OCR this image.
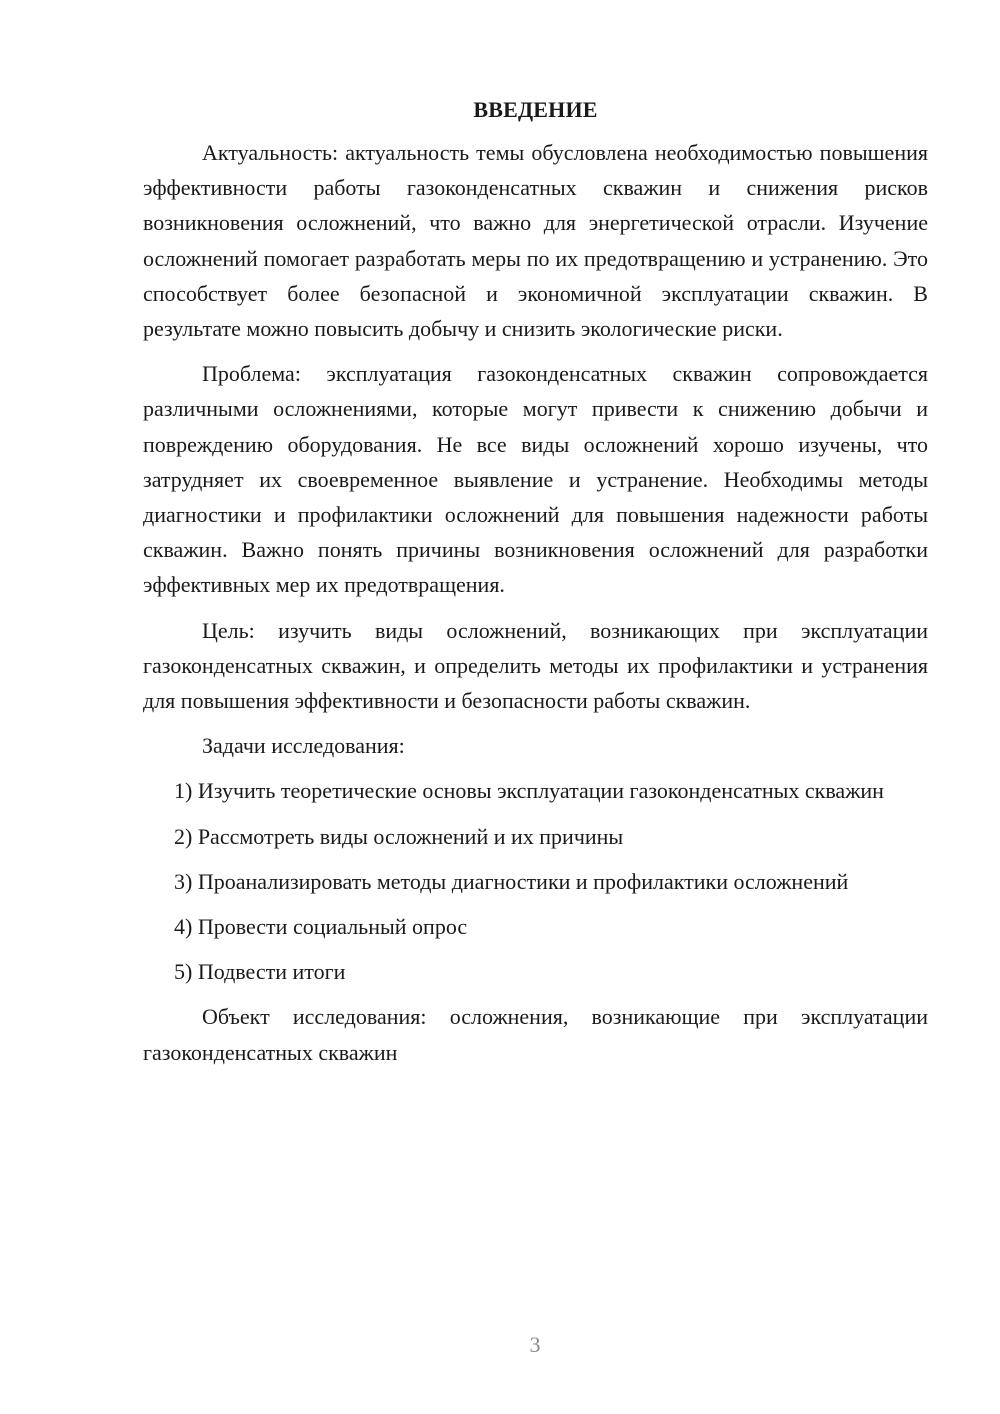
ВВЕДЕНИЕ

Актуальность: актуальность темы обусловлена необходимостью повышения эффективности работы газоконденсатных скважин и снижения рисков возникновения осложнений, что важно для энергетической отрасли. Изучение осложнений помогает разработать меры по их предотвращению и устранению. Это способствует более безопасной и экономичной эксплуатации скважин. В результате можно повысить добычу и снизить экологические риски.

Проблема: эксплуатация газоконденсатных скважин сопровождается различными осложнениями, которые могут привести к снижению добычи и повреждению оборудования. Не все виды осложнений хорошо изучены, что затрудняет их своевременное выявление и устранение. Необходимы методы диагностики и профилактики осложнений для повышения надежности работы скважин. Важно понять причины возникновения осложнений для разработки эффективных мер их предотвращения.

Цель: изучить виды осложнений, возникающих при эксплуатации газоконденсатных скважин, и определить методы их профилактики и устранения для повышения эффективности и безопасности работы скважин.

Задачи исследования:

1) Изучить теоретические основы эксплуатации газоконденсатных скважин

2) Рассмотреть виды осложнений и их причины

3) Проанализировать методы диагностики и профилактики осложнений

4) Провести социальный опрос

5) Подвести итоги

Объект исследования: осложнения, возникающие при эксплуатации газоконденсатных скважин

3
